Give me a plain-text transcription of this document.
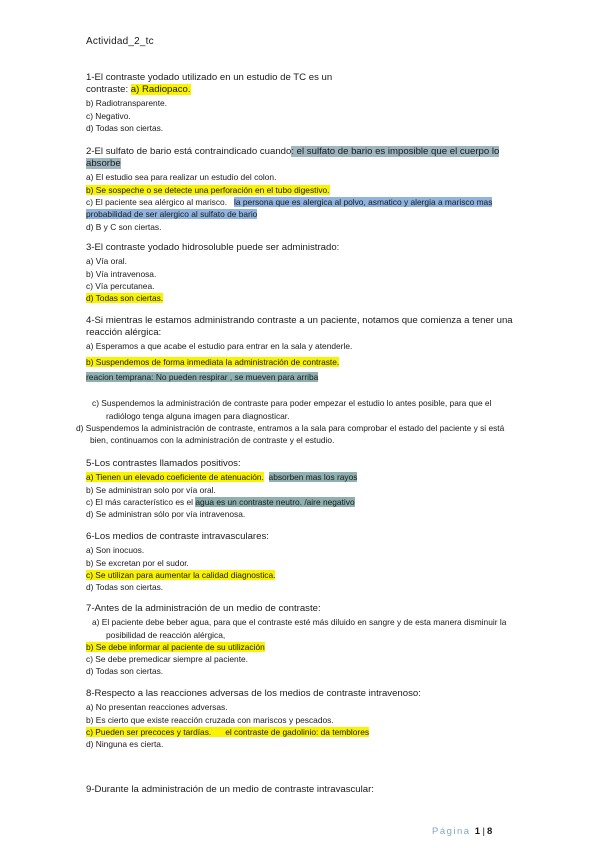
Actividad_2_tc

1-El contraste yodado utilizado en un estudio de TC es un
contraste: a) Radiopaco.

b) Radiotransparente.

c) Negativo.

d) Todas son ciertas.

2-El sulfato de bario está contraindicado cuando: el sulfato de bario es imposible que el cuerpo lo absorbe

a) El estudio sea para realizar un estudio del colon.

b) Se sospeche o se detecte una perforación en el tubo digestivo.

c) El paciente sea alérgico al marisco. la persona que es alergica al polvo, asmatico y alergia a marisco mas probabilidad de ser alergico al sulfato de bario

d) B y C son ciertas.

3-El contraste yodado hidrosoluble puede ser administrado:

a) Vía oral.

b) Vía intravenosa.

c) Vía percutanea.

d) Todas son ciertas.

4-Si mientras le estamos administrando contraste a un paciente, notamos que comienza a tener una reacción alérgica:

a) Esperamos a que acabe el estudio para entrar en la sala y atenderle.

b) Suspendemos de forma inmediata la administración de contraste.

reacion temprana: No pueden respirar , se mueven para arriba

c) Suspendemos la administración de contraste para poder empezar el estudio lo antes posible, para que el radiólogo tenga alguna imagen para diagnosticar.

d) Suspendemos la administración de contraste, entramos a la sala para comprobar el estado del paciente y si está bien, continuamos con la administración de contraste y el estudio.

5-Los contrastes llamados positivos:

a) Tienen un elevado coeficiente de atenuación. absorben mas los rayos

b) Se administran solo por vía oral.

c) El más característico es el agua es un contraste neutro. /aire negativo

d) Se administran sólo por vía intravenosa.

6-Los medios de contraste intravasculares:

a) Son inocuos.

b) Se excretan por el sudor.

c) Se utilizan para aumentar la calidad diagnostica.

d) Todas son ciertas.

7-Antes de la administración de un medio de contraste:

a) El paciente debe beber agua, para que el contraste esté más diluido en sangre y de esta manera disminuir la posibilidad de reacción alérgica,

b) Se debe informar al paciente de su utilización

c) Se debe premedicar siempre al paciente.

d) Todas son ciertas.

8-Respecto a las reacciones adversas de los medios de contraste intravenoso:

a) No presentan reacciones adversas.

b) Es cierto que existe reacción cruzada con mariscos y pescados.

c) Pueden ser precoces y tardías. el contraste de gadolinio: da temblores

d) Ninguna es cierta.

9-Durante la administración de un medio de contraste intravascular:

Página 1 | 8
